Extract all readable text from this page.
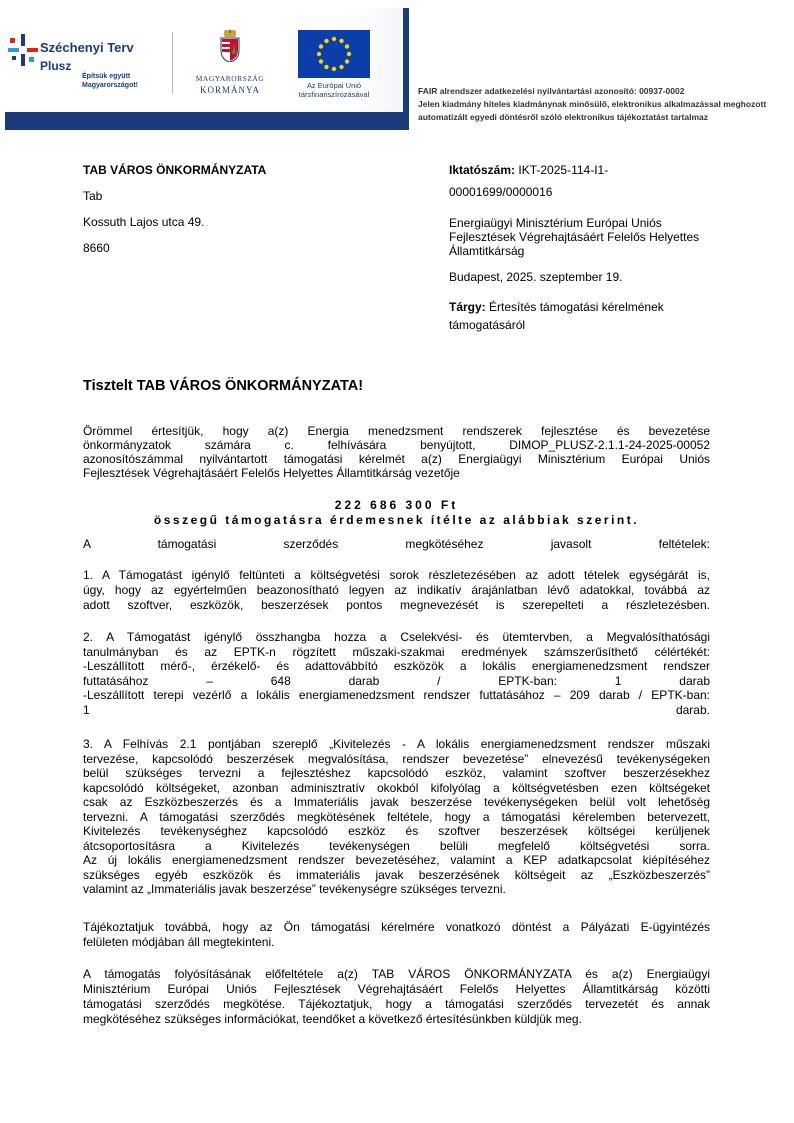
Széchenyi Terv
Plusz
Építsük együtt
Magyarországot!
MAGYARORSZÁG
KORMÁNYA	Az Európai Unió
társfinanszírozásával	FAIR alrendszer adatkezelési nyilvántartási azonosító: 00937-0002
Jelen kiadmány hiteles kiadmánynak minősülő, elektronikus alkalmazással meghozott
automatizált egyedi döntésről szóló elektronikus tájékoztatást tartalmaz
TAB VÁROS ÖNKORMÁNYZATA
Tab
Kossuth Lajos utca 49.
8660
Iktatószám: IKT-2025-114-I1-
00001699/0000016
Energiaügyi Minisztérium Európai Uniós
Fejlesztések Végrehajtásáért Felelős Helyettes
Államtitkárság
Budapest, 2025. szeptember 19.
Tárgy: Értesítés támogatási kérelmének
támogatásáról
Tisztelt TAB VÁROS ÖNKORMÁNYZATA!
Örömmel értesítjük, hogy a(z) Energia menedzsment rendszerek fejlesztése és bevezetése
önkormányzatok számára c. felhívására benyújtott, DIMOP_PLUSZ-2.1.1-24-2025-00052
azonosítószámmal nyilvántartott támogatási kérelmét a(z) Energiaügyi Minisztérium Európai Uniós
Fejlesztések Végrehajtásáért Felelős Helyettes Államtitkárság vezetője
222 686 300 Ft
összegű támogatásra érdemesnek ítélte az alábbiak szerint.
A támogatási szerződés megkötéséhez javasolt feltételek:
1. A Támogatást igénylő feltünteti a költségvetési sorok részletezésében az adott tételek egységárát is,
úgy, hogy az egyértelműen beazonosítható legyen az indikatív árajánlatban lévő adatokkal, továbbá az
adott szoftver, eszközök, beszerzések pontos megnevezését is szerepelteti a részletezésben.
2. A Támogatást igénylő összhangba hozza a Cselekvési- és ütemtervben, a Megvalósíthatósági
tanulmányban és az EPTK-n rögzített műszaki-szakmai eredmények számszerűsíthető célértékét:
-Leszállított mérő-, érzékelő- és adattovábbító eszközök a lokális energiamenedzsment rendszer
futtatásához – 648 darab / EPTK-ban: 1 darab
-Leszállított terepi vezérlő a lokális energiamenedzsment rendszer futtatásához – 209 darab / EPTK-ban:
1 darab.
3. A Felhívás 2.1 pontjában szereplő „Kivitelezés - A lokális energiamenedzsment rendszer műszaki
tervezése, kapcsolódó beszerzések megvalósítása, rendszer bevezetése” elnevezésű tevékenységeken
belül szükséges tervezni a fejlesztéshez kapcsolódó eszköz, valamint szoftver beszerzésekhez
kapcsolódó költségeket, azonban adminisztratív okokból kifolyólag a költségvetésben ezen költségeket
csak az Eszközbeszerzés és a Immateriális javak beszerzése tevékenységeken belül volt lehetőség
tervezni. A támogatási szerződés megkötésének feltétele, hogy a támogatási kérelemben betervezett,
Kivitelezés tevékenységhez kapcsolódó eszköz és szoftver beszerzések költségei kerüljenek
átcsoportosításra a Kivitelezés tevékenységen belüli megfelelő költségvetési sorra.
Az új lokális energiamenedzsment rendszer bevezetéséhez, valamint a KEP adatkapcsolat kiépítéséhez
szükséges egyéb eszközök és immateriális javak beszerzésének költségeit az „Eszközbeszerzés”
valamint az „Immateriális javak beszerzése” tevékenységre szükséges tervezni.
Tájékoztatjuk továbbá, hogy az Ön támogatási kérelmére vonatkozó döntést a Pályázati E-ügyintézés
felületen módjában áll megtekinteni.
A támogatás folyósításának előfeltétele a(z) TAB VÁROS ÖNKORMÁNYZATA és a(z) Energiaügyi
Minisztérium Európai Uniós Fejlesztések Végrehajtásáért Felelős Helyettes Államtitkárság közötti
támogatási szerződés megkötése. Tájékoztatjuk, hogy a támogatási szerződés tervezetét és annak
megkötéséhez szükséges információkat, teendőket a következő értesítésünkben küldjük meg.
